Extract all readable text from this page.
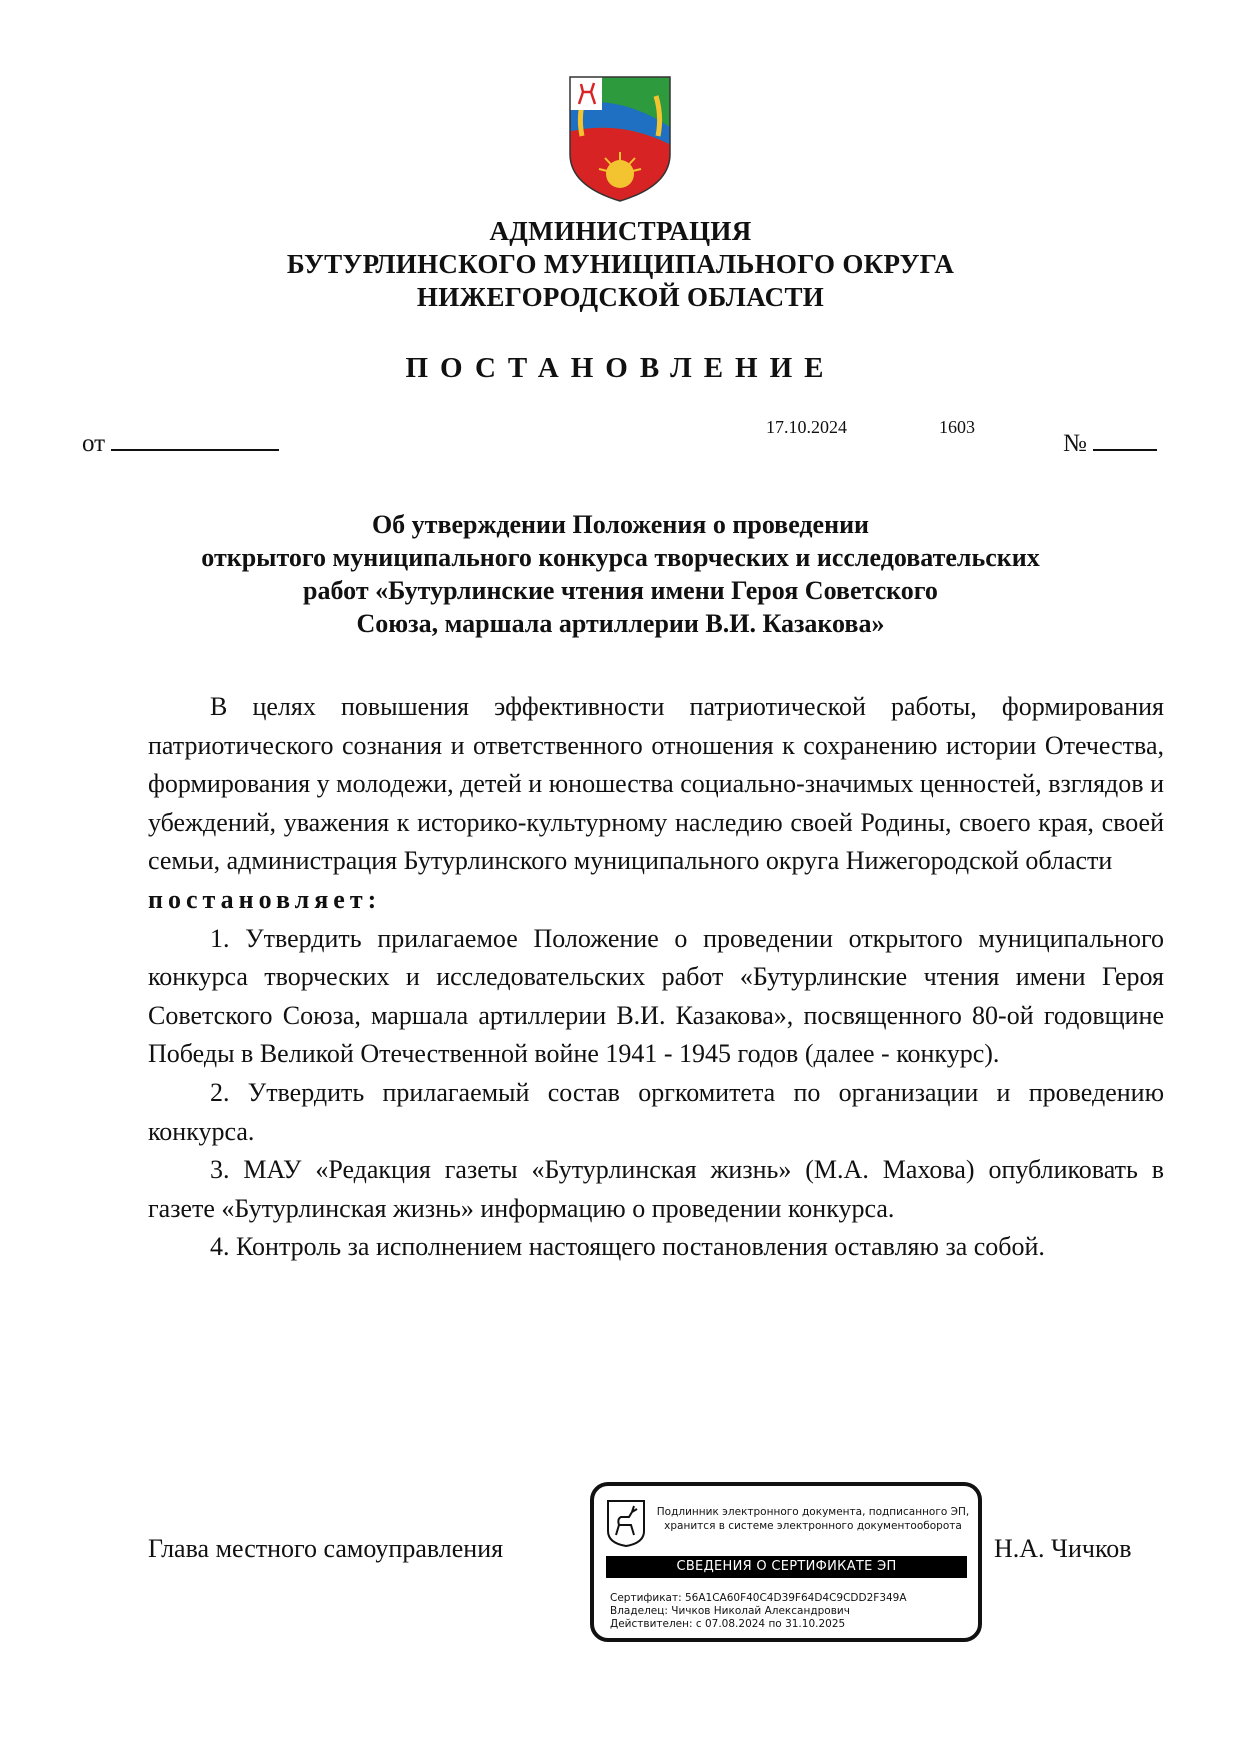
АДМИНИСТРАЦИЯ
БУТУРЛИНСКОГО МУНИЦИПАЛЬНОГО ОКРУГА
НИЖЕГОРОДСКОЙ ОБЛАСТИ
ПОСТАНОВЛЕНИЕ
17.10.2024	1603
от	№
Об утверждении Положения о проведении
открытого муниципального конкурса творческих и исследовательских
работ «Бутурлинские чтения имени Героя Советского
Союза, маршала артиллерии В.И. Казакова»

В целях повышения эффективности патриотической работы, формирования патриотического сознания и ответственного отношения к сохранению истории Отечества, формирования у молодежи, детей и юношества социально-значимых ценностей, взглядов и убеждений, уважения к историко-культурному наследию своей Родины, своего края, своей семьи, администрация Бутурлинского муниципального округа Нижегородской области

постановляет:

1. Утвердить прилагаемое Положение о проведении открытого муниципального конкурса творческих и исследовательских работ «Бутурлинские чтения имени Героя Советского Союза, маршала артиллерии В.И. Казакова», посвященного 80-ой годовщине Победы в Великой Отечественной войне 1941 - 1945 годов (далее - конкурс).

2. Утвердить прилагаемый состав оргкомитета по организации и проведению конкурса.

3. МАУ «Редакция газеты «Бутурлинская жизнь» (М.А. Махова) опубликовать в газете «Бутурлинская жизнь» информацию о проведении конкурса.

4. Контроль за исполнением настоящего постановления оставляю за собой.

Глава местного самоуправления	Н.А. Чичков
Подлинник электронного документа, подписанного ЭП,
хранится в системе электронного документооборота
СВЕДЕНИЯ О СЕРТИФИКАТЕ ЭП
Сертификат: 56A1CA60F40C4D39F64D4C9CDD2F349A
Владелец: Чичков Николай Александрович
Действителен: с 07.08.2024 по 31.10.2025
